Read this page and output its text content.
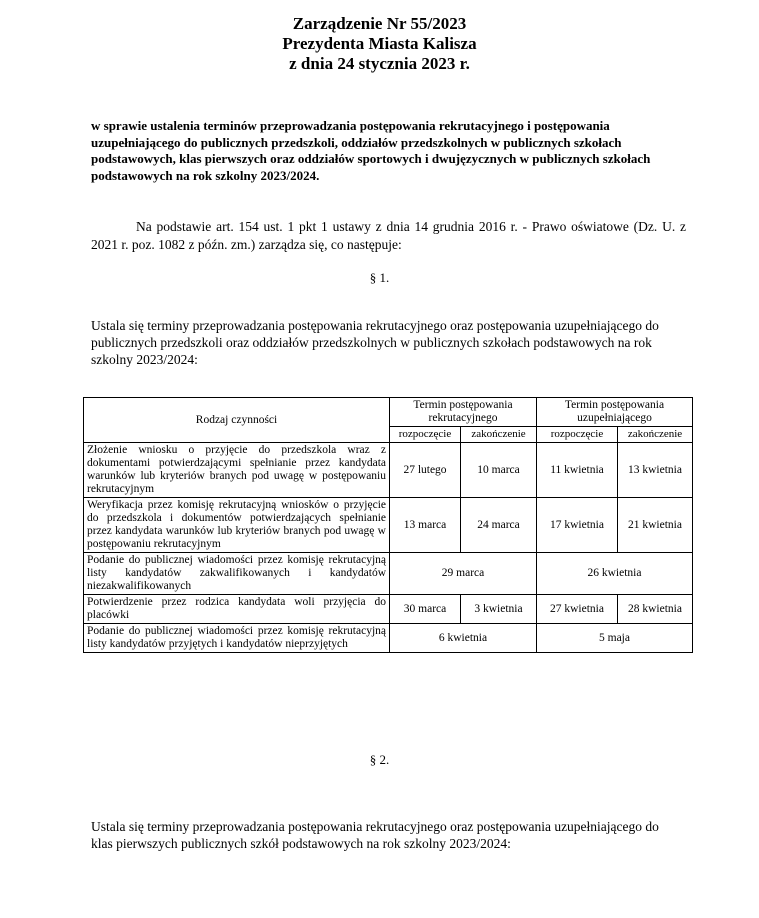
Zarządzenie Nr 55/2023
Prezydenta Miasta Kalisza
z dnia 24 stycznia 2023 r.
w sprawie ustalenia terminów przeprowadzania postępowania rekrutacyjnego i postępowania uzupełniającego do publicznych przedszkoli, oddziałów przedszkolnych w publicznych szkołach podstawowych, klas pierwszych oraz oddziałów sportowych i dwujęzycznych w publicznych szkołach podstawowych na rok szkolny 2023/2024.
Na podstawie art. 154 ust. 1 pkt 1 ustawy z dnia 14 grudnia 2016 r. - Prawo oświatowe (Dz. U. z 2021 r. poz. 1082 z późn. zm.) zarządza się, co następuje:
§ 1.
Ustala się terminy przeprowadzania postępowania rekrutacyjnego oraz postępowania uzupełniającego do publicznych przedszkoli oraz oddziałów przedszkolnych w publicznych szkołach podstawowych na rok szkolny 2023/2024:
Rodzaj czynności	Termin postępowania rekrutacyjnego		Termin postępowania uzupełniającego	
	rozpoczęcie	zakończenie	rozpoczęcie	zakończenie
Złożenie wniosku o przyjęcie do przedszkola wraz z dokumentami potwierdzającymi spełnianie przez kandydata warunków lub kryteriów branych pod uwagę w postępowaniu rekrutacyjnym	27 lutego	10 marca	11 kwietnia	13 kwietnia
Weryfikacja przez komisję rekrutacyjną wniosków o przyjęcie do przedszkola i dokumentów potwierdzających spełnianie przez kandydata warunków lub kryteriów branych pod uwagę w postępowaniu rekrutacyjnym	13 marca	24 marca	17 kwietnia	21 kwietnia
Podanie do publicznej wiadomości przez komisję rekrutacyjną listy kandydatów zakwalifikowanych i kandydatów niezakwalifikowanych	29 marca		26 kwietnia	
Potwierdzenie przez rodzica kandydata woli przyjęcia do placówki	30 marca	3 kwietnia	27 kwietnia	28 kwietnia
Podanie do publicznej wiadomości przez komisję rekrutacyjną listy kandydatów przyjętych i kandydatów nieprzyjętych	6 kwietnia		5 maja	
§ 2.
Ustala się terminy przeprowadzania postępowania rekrutacyjnego oraz postępowania uzupełniającego do klas pierwszych publicznych szkół podstawowych na rok szkolny 2023/2024:
